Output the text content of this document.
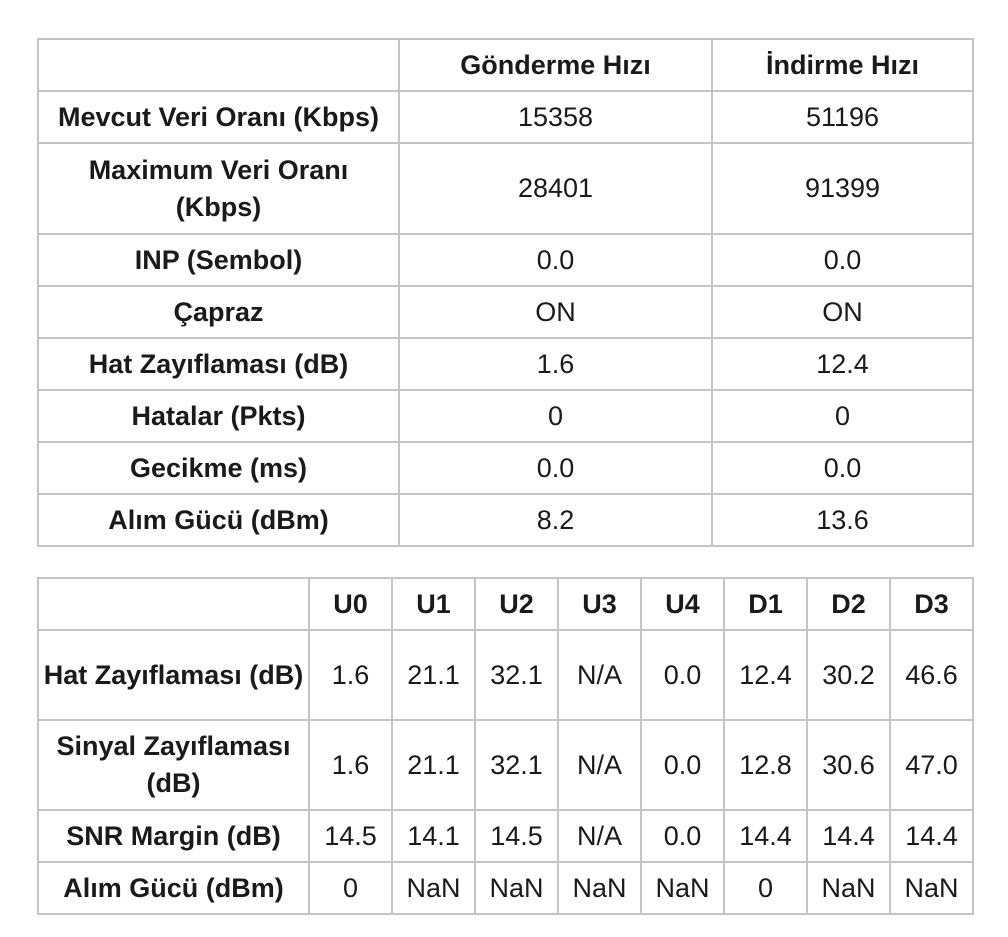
	Gönderme Hızı	İndirme Hızı
Mevcut Veri Oranı (Kbps)	15358	51196
Maximum Veri Oranı (Kbps)	28401	91399
INP (Sembol)	0.0	0.0
Çapraz	ON	ON
Hat Zayıflaması (dB)	1.6	12.4
Hatalar (Pkts)	0	0
Gecikme (ms)	0.0	0.0
Alım Gücü (dBm)	8.2	13.6
	U0	U1	U2	U3	U4	D1	D2	D3
Hat Zayıflaması (dB)	1.6	21.1	32.1	N/A	0.0	12.4	30.2	46.6
Sinyal Zayıflaması (dB)	1.6	21.1	32.1	N/A	0.0	12.8	30.6	47.0
SNR Margin (dB)	14.5	14.1	14.5	N/A	0.0	14.4	14.4	14.4
Alım Gücü (dBm)	0	NaN	NaN	NaN	NaN	0	NaN	NaN
